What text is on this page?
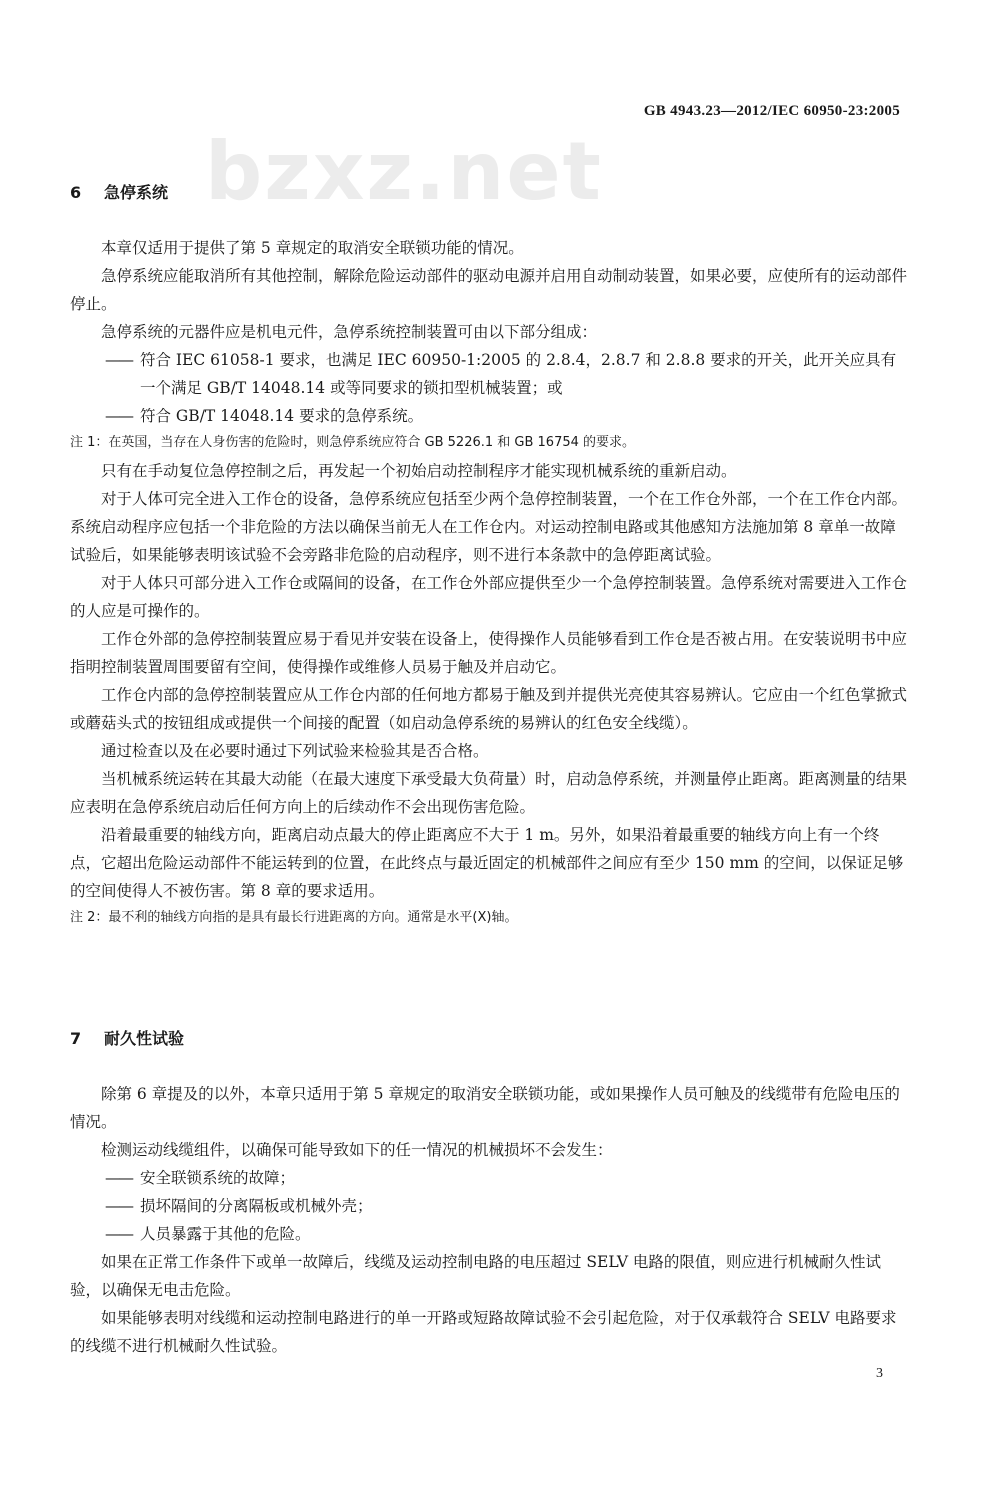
bzxz.net
GB 4943.23—2012/IEC 60950-23:2005
6 急停系统

本章仅适用于提供了第 5 章规定的取消安全联锁功能的情况。

急停系统应能取消所有其他控制，解除危险运动部件的驱动电源并启用自动制动装置，如果必要，应使所有的运动部件停止。

急停系统的元器件应是机电元件，急停系统控制装置可由以下部分组成：

—— 符合 IEC 61058-1 要求，也满足 IEC 60950-1:2005 的 2.8.4，2.8.7 和 2.8.8 要求的开关，此开关应具有一个满足 GB/T 14048.14 或等同要求的锁扣型机械装置；或

—— 符合 GB/T 14048.14 要求的急停系统。

注 1：在英国，当存在人身伤害的危险时，则急停系统应符合 GB 5226.1 和 GB 16754 的要求。

只有在手动复位急停控制之后，再发起一个初始启动控制程序才能实现机械系统的重新启动。

对于人体可完全进入工作仓的设备，急停系统应包括至少两个急停控制装置，一个在工作仓外部，一个在工作仓内部。系统启动程序应包括一个非危险的方法以确保当前无人在工作仓内。对运动控制电路或其他感知方法施加第 8 章单一故障试验后，如果能够表明该试验不会旁路非危险的启动程序，则不进行本条款中的急停距离试验。

对于人体只可部分进入工作仓或隔间的设备，在工作仓外部应提供至少一个急停控制装置。急停系统对需要进入工作仓的人应是可操作的。

工作仓外部的急停控制装置应易于看见并安装在设备上，使得操作人员能够看到工作仓是否被占用。在安装说明书中应指明控制装置周围要留有空间，使得操作或维修人员易于触及并启动它。

工作仓内部的急停控制装置应从工作仓内部的任何地方都易于触及到并提供光亮使其容易辨认。它应由一个红色掌掀式或蘑菇头式的按钮组成或提供一个间接的配置（如启动急停系统的易辨认的红色安全线缆）。

通过检查以及在必要时通过下列试验来检验其是否合格。

当机械系统运转在其最大动能（在最大速度下承受最大负荷量）时，启动急停系统，并测量停止距离。距离测量的结果应表明在急停系统启动后任何方向上的后续动作不会出现伤害危险。

沿着最重要的轴线方向，距离启动点最大的停止距离应不大于 1 m。另外，如果沿着最重要的轴线方向上有一个终点，它超出危险运动部件不能运转到的位置，在此终点与最近固定的机械部件之间应有至少 150 mm 的空间，以保证足够的空间使得人不被伤害。第 8 章的要求适用。

注 2：最不利的轴线方向指的是具有最长行进距离的方向。通常是水平(X)轴。

7 耐久性试验

除第 6 章提及的以外，本章只适用于第 5 章规定的取消安全联锁功能，或如果操作人员可触及的线缆带有危险电压的情况。

检测运动线缆组件，以确保可能导致如下的任一情况的机械损坏不会发生：

—— 安全联锁系统的故障；

—— 损坏隔间的分离隔板或机械外壳；

—— 人员暴露于其他的危险。

如果在正常工作条件下或单一故障后，线缆及运动控制电路的电压超过 SELV 电路的限值，则应进行机械耐久性试验，以确保无电击危险。

如果能够表明对线缆和运动控制电路进行的单一开路或短路故障试验不会引起危险，对于仅承载符合 SELV 电路要求的线缆不进行机械耐久性试验。

3
